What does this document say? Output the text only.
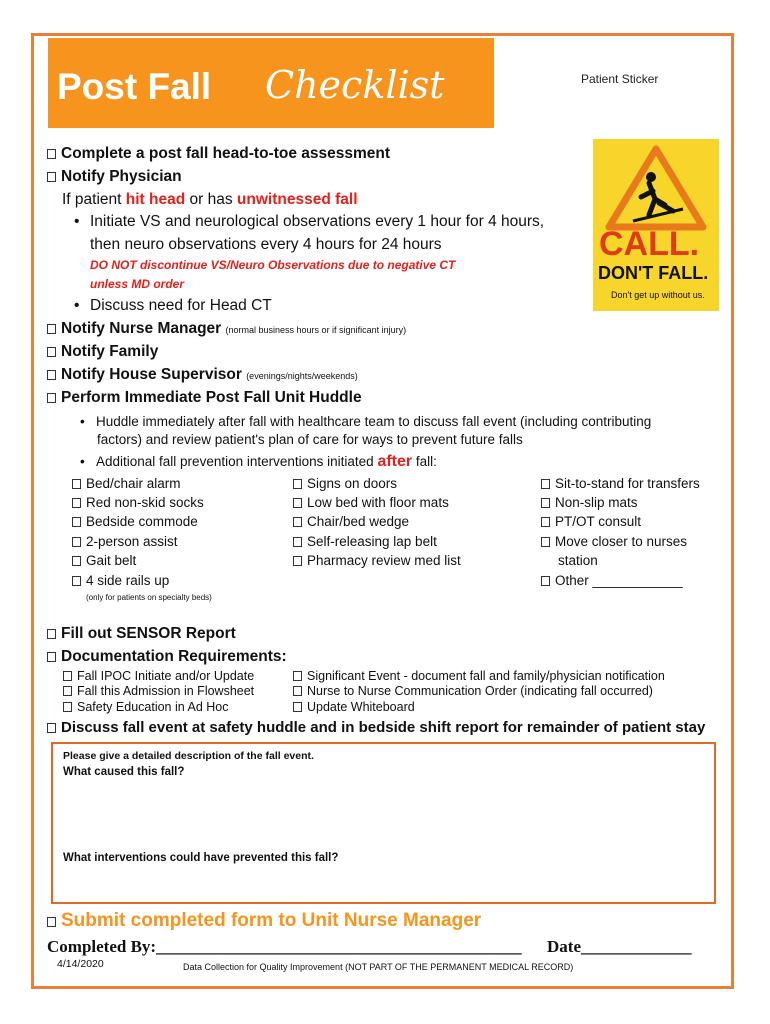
Post Fall Checklist	Patient Sticker
CALL.
DON'T FALL.
Don't get up without us.
Complete a post fall head-to-toe assessment
Notify Physician
If patient hit head or has unwitnessed fall
• Initiate VS and neurological observations every 1 hour for 4 hours,
then neuro observations every 4 hours for 24 hours
DO NOT discontinue VS/Neuro Observations due to negative CT
unless MD order
• Discuss need for Head CT
Notify Nurse Manager (normal business hours or if significant injury)
Notify Family
Notify House Supervisor (evenings/nights/weekends)
Perform Immediate Post Fall Unit Huddle
• Huddle immediately after fall with healthcare team to discuss fall event (including contributing
factors) and review patient's plan of care for ways to prevent future falls
• Additional fall prevention interventions initiated after fall:
Bed/chair alarm
Red non-skid socks
Bedside commode
2-person assist
Gait belt
4 side rails up
(only for patients on specialty beds)
Signs on doors
Low bed with floor mats
Chair/bed wedge
Self-releasing lap belt
Pharmacy review med list
Sit-to-stand for transfers
Non-slip mats
PT/OT consult
Move closer to nurses
station
Other ____________
Fill out SENSOR Report
Documentation Requirements:
Fall IPOC Initiate and/or Update
Fall this Admission in Flowsheet
Safety Education in Ad Hoc
Significant Event - document fall and family/physician notification
Nurse to Nurse Communication Order (indicating fall occurred)
Update Whiteboard
Discuss fall event at safety huddle and in bedside shift report for remainder of patient stay
Please give a detailed description of the fall event.
What caused this fall?
What interventions could have prevented this fall?
Submit completed form to Unit Nurse Manager
Completed By:___________________________________________ Date_____________
4/14/2020	Data Collection for Quality Improvement (NOT PART OF THE PERMANENT MEDICAL RECORD)
